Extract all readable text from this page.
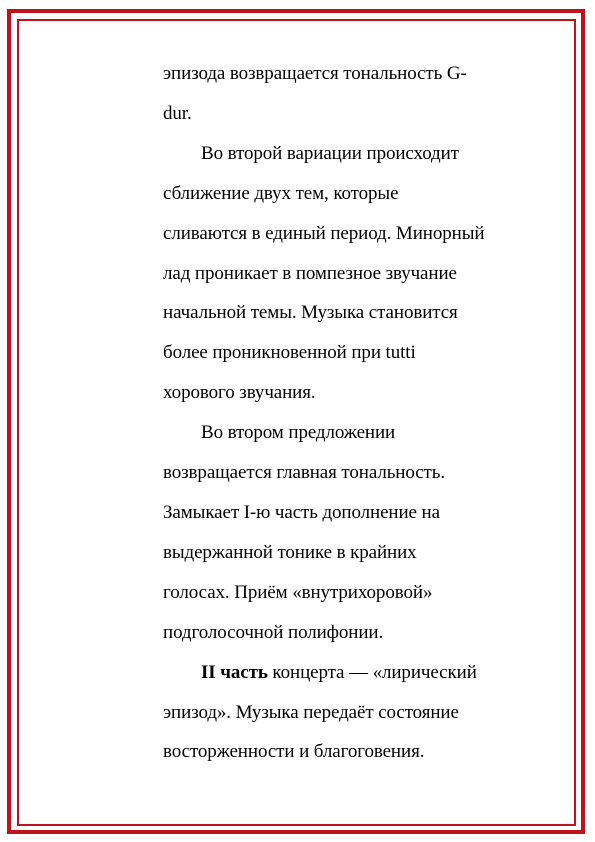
эпизода возвращается тональность G-
dur.
Во второй вариации происходит
сближение двух тем, которые
сливаются в единый период. Минорный
лад проникает в помпезное звучание
начальной темы. Музыка становится
более проникновенной при tutti
хорового звучания.
Во втором предложении
возвращается главная тональность.
Замыкает I-ю часть дополнение на
выдержанной тонике в крайних
голосах. Приём «внутрихоровой»
подголосочной полифонии.
II часть концерта — «лирический
эпизод». Музыка передаёт состояние
восторженности и благоговения.
